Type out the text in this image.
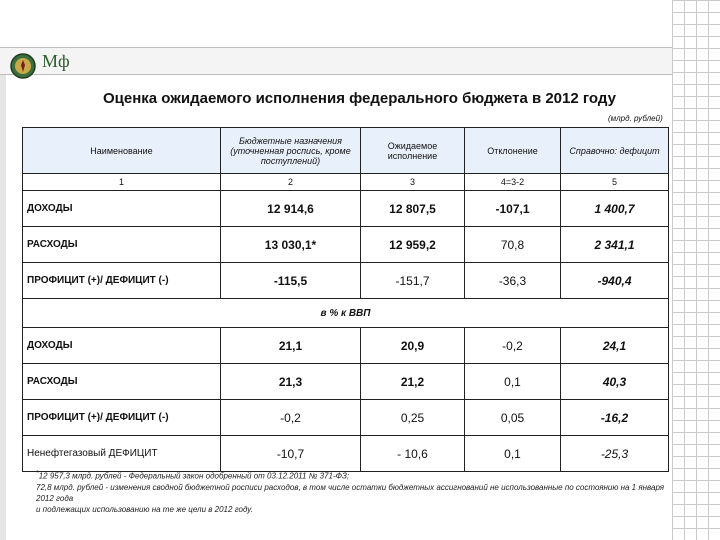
Мф
Оценка ожидаемого исполнения федерального бюджета в 2012 году
(млрд. рублей)
Наименование	Бюджетные назначения (уточненная роспись, кроме поступлений)	Ожидаемое исполнение	Отклонение	Справочно: дефицит
1	2	3	4=3-2	5
ДОХОДЫ	12 914,6	12 807,5	-107,1	1 400,7
РАСХОДЫ	13 030,1*	12 959,2	70,8	2 341,1
ПРОФИЦИТ (+)/ ДЕФИЦИТ (-)	-115,5	-151,7	-36,3	-940,4
в % к ВВП				
ДОХОДЫ	21,1	20,9	-0,2	24,1
РАСХОДЫ	21,3	21,2	0,1	40,3
ПРОФИЦИТ (+)/ ДЕФИЦИТ (-)	-0,2	0,25	0,05	-16,2
Ненефтегазовый ДЕФИЦИТ	-10,7	- 10,6	0,1	-25,3
*12 957,3 млрд. рублей - Федеральный закон одобренный от 03.12.2011 № 371-ФЗ;
72,8 млрд. рублей - изменения сводной бюджетной росписи расходов, в том числе остатки бюджетных ассигнований не использованные по состоянию на 1 января 2012 года
и подлежащих использованию на те же цели в 2012 году.
